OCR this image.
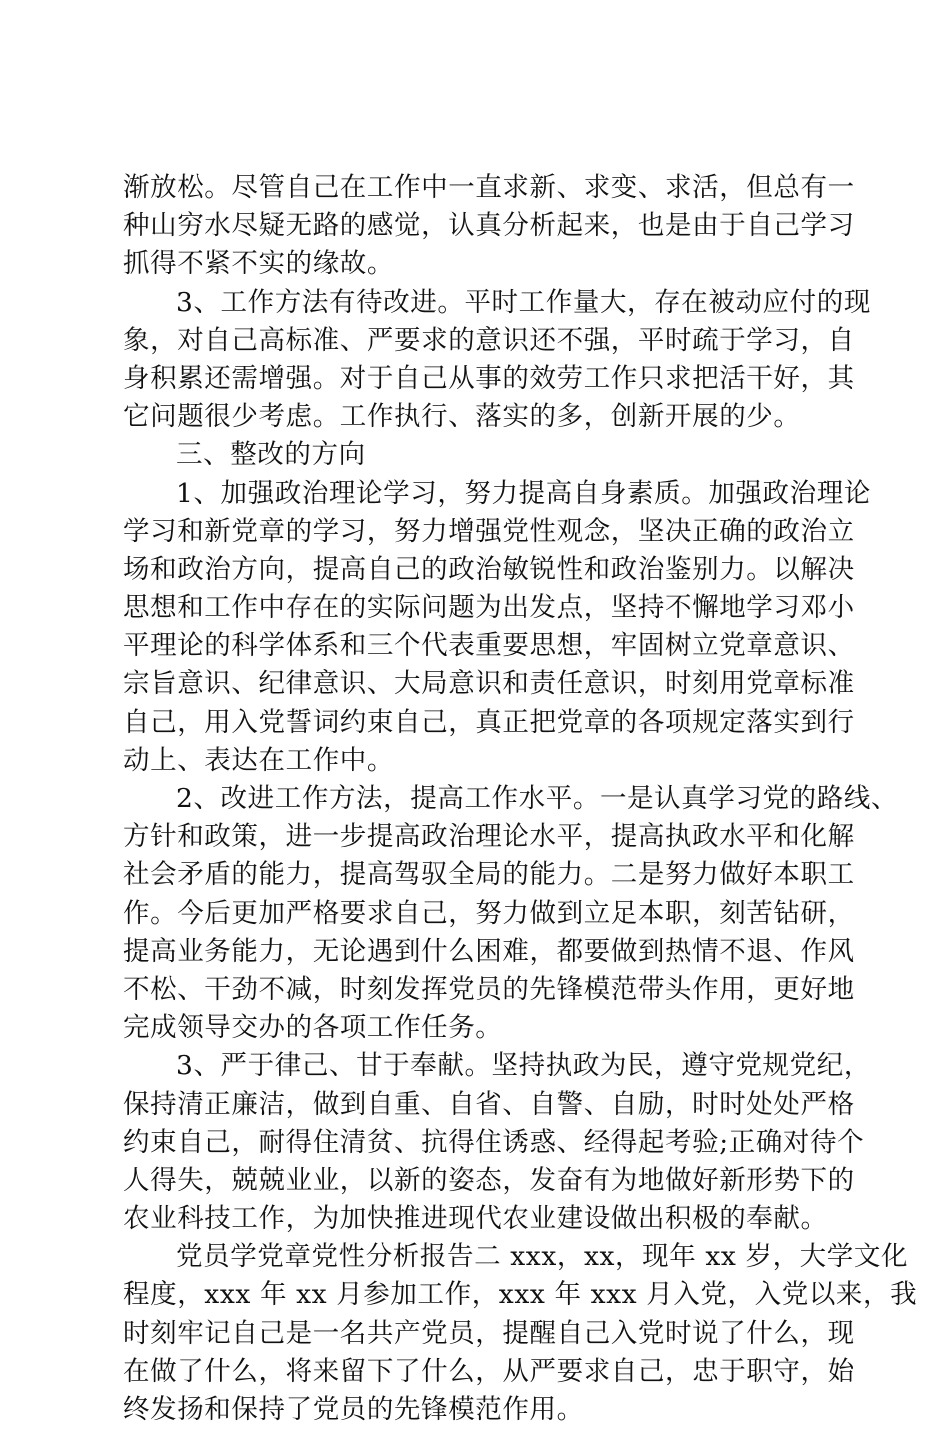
渐放松。尽管自己在工作中一直求新、求变、求活，但总有一
种山穷水尽疑无路的感觉，认真分析起来，也是由于自己学习
抓得不紧不实的缘故。
3、工作方法有待改进。平时工作量大，存在被动应付的现
象，对自己高标准、严要求的意识还不强，平时疏于学习，自
身积累还需增强。对于自己从事的效劳工作只求把活干好，其
它问题很少考虑。工作执行、落实的多，创新开展的少。
三、整改的方向
1、加强政治理论学习，努力提高自身素质。加强政治理论
学习和新党章的学习，努力增强党性观念，坚决正确的政治立
场和政治方向，提高自己的政治敏锐性和政治鉴别力。以解决
思想和工作中存在的实际问题为出发点，坚持不懈地学习邓小
平理论的科学体系和三个代表重要思想，牢固树立党章意识、
宗旨意识、纪律意识、大局意识和责任意识，时刻用党章标准
自己，用入党誓词约束自己，真正把党章的各项规定落实到行
动上、表达在工作中。
2、改进工作方法，提高工作水平。一是认真学习党的路线、
方针和政策，进一步提高政治理论水平，提高执政水平和化解
社会矛盾的能力，提高驾驭全局的能力。二是努力做好本职工
作。今后更加严格要求自己，努力做到立足本职，刻苦钻研，
提高业务能力，无论遇到什么困难，都要做到热情不退、作风
不松、干劲不减，时刻发挥党员的先锋模范带头作用，更好地
完成领导交办的各项工作任务。
3、严于律己、甘于奉献。坚持执政为民，遵守党规党纪，
保持清正廉洁，做到自重、自省、自警、自励，时时处处严格
约束自己，耐得住清贫、抗得住诱惑、经得起考验;正确对待个
人得失，兢兢业业，以新的姿态，发奋有为地做好新形势下的
农业科技工作，为加快推进现代农业建设做出积极的奉献。
党员学党章党性分析报告二 xxx，xx，现年 xx 岁，大学文化
程度，xxx 年 xx 月参加工作，xxx 年 xxx 月入党，入党以来，我
时刻牢记自己是一名共产党员，提醒自己入党时说了什么，现
在做了什么，将来留下了什么，从严要求自己，忠于职守，始
终发扬和保持了党员的先锋模范作用。
